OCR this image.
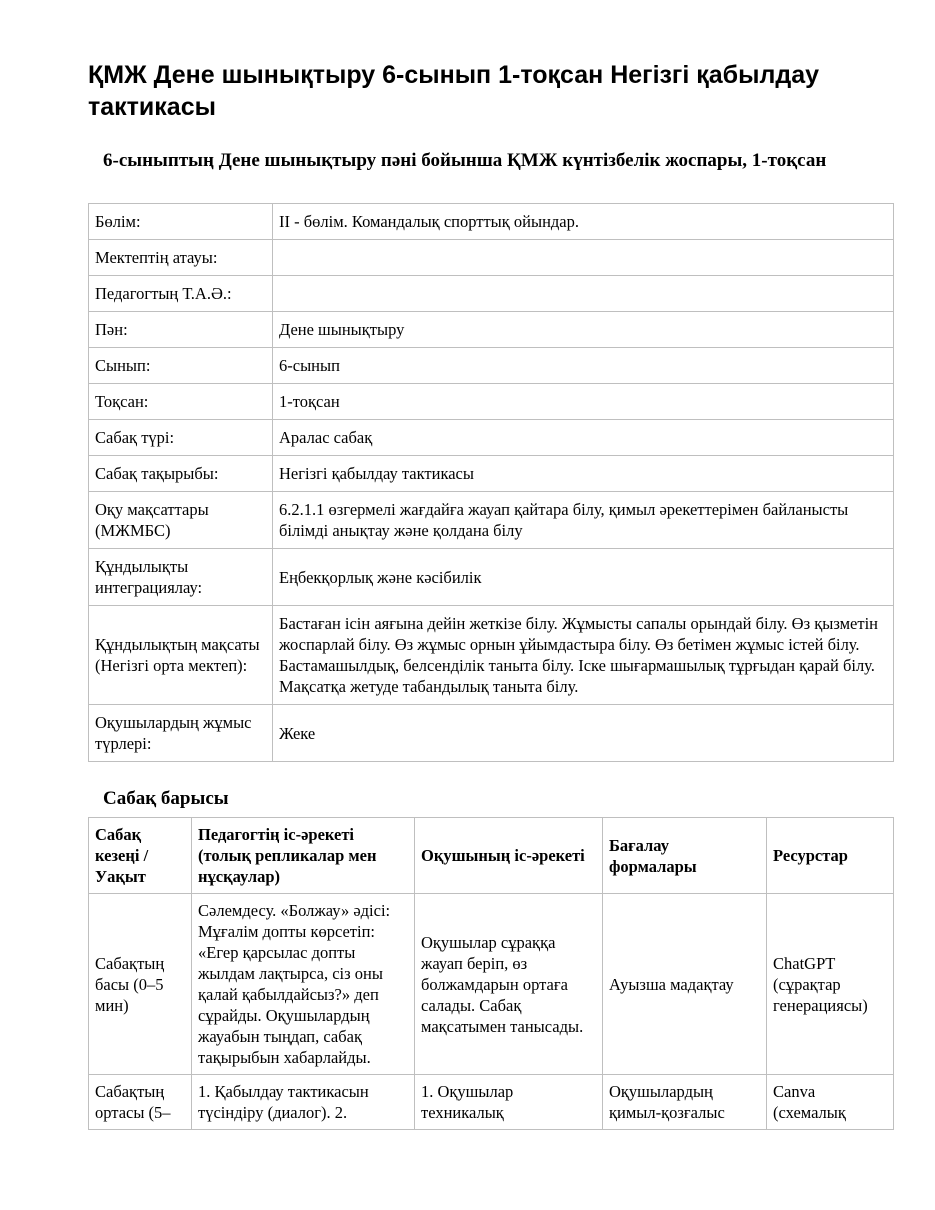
ҚМЖ Дене шынықтыру 6-сынып 1-тоқсан Негізгі қабылдау тактикасы
6-сыныптың Дене шынықтыру пәні бойынша ҚМЖ күнтізбелік жоспары, 1-тоқсан
Бөлім:	ІІ - бөлім. Командалық спорттық ойындар.
Мектептің атауы:	
Педагогтың Т.А.Ә.:	
Пән:	Дене шынықтыру
Сынып:	6-сынып
Тоқсан:	1-тоқсан
Сабақ түрі:	Аралас сабақ
Сабақ тақырыбы:	Негізгі қабылдау тактикасы
Оқу мақсаттары (МЖМБС)	6.2.1.1 өзгермелі жағдайға жауап қайтара білу, қимыл әрекеттерімен байланысты білімді анықтау және қолдана білу
Құндылықты интеграциялау:	Еңбекқорлық және кәсібилік
Құндылықтың мақсаты (Негізгі орта мектеп):	Бастаған ісін аяғына дейін жеткізе білу. Жұмысты сапалы орындай білу. Өз қызметін жоспарлай білу. Өз жұмыс орнын ұйымдастыра білу. Өз бетімен жұмыс істей білу. Бастамашылдық, белсенділік таныта білу. Іске шығармашылық тұрғыдан қарай білу. Мақсатқа жетуде табандылық таныта білу.
Оқушылардың жұмыс түрлері:	Жеке
Сабақ барысы
Сабақ кезеңі / Уақыт	Педагогтің іс-әрекеті (толық репликалар мен нұсқаулар)	Оқушының іс-әрекеті	Бағалау формалары	Ресурстар
Сабақтың басы (0–5 мин)	Сәлемдесу. «Болжау» әдісі: Мұғалім допты көрсетіп: «Егер қарсылас допты жылдам лақтырса, сіз оны қалай қабылдайсыз?» деп сұрайды. Оқушылардың жауабын тыңдап, сабақ тақырыбын хабарлайды.	Оқушылар сұраққа жауап беріп, өз болжамдарын ортаға салады. Сабақ мақсатымен танысады.	Ауызша мадақтау	ChatGPT (сұрақтар генерациясы)

Сабақтың ортасы (5–	1. Қабылдау тактикасын түсіндіру (диалог). 2.	1. Оқушылар техникалық	Оқушылардың қимыл-қозғалыс	Canva (схемалық
